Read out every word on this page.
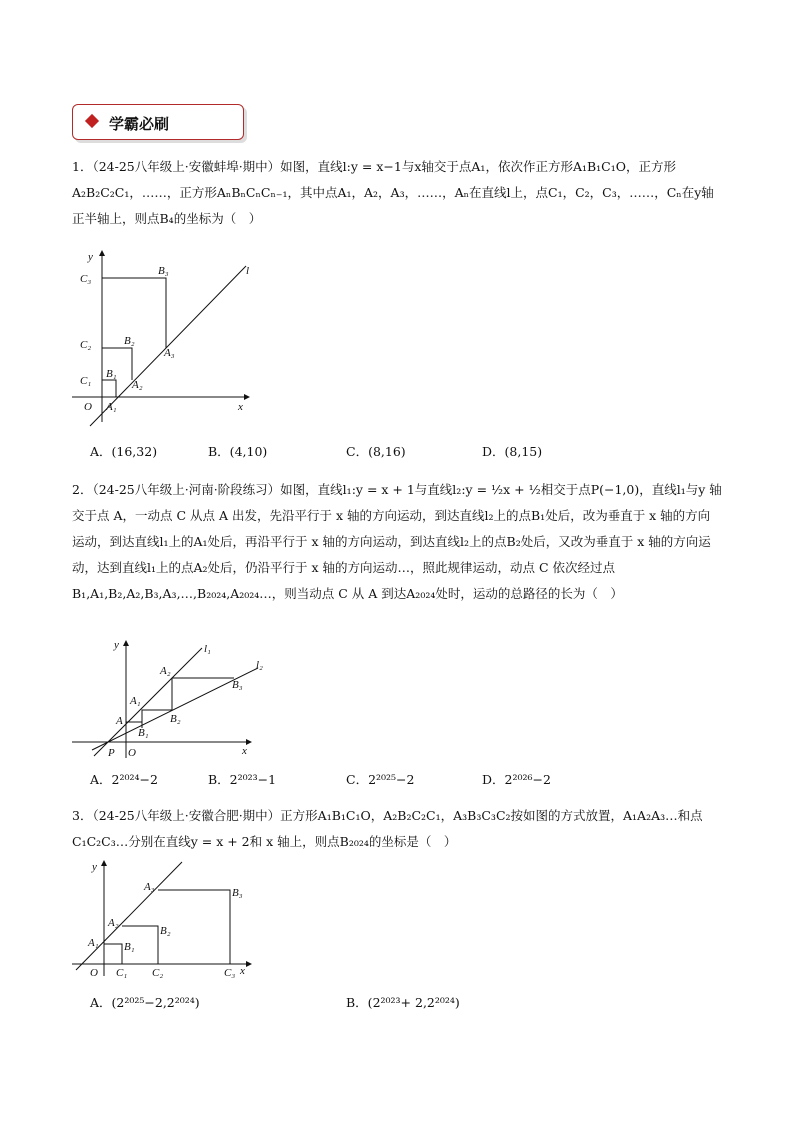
学霸必刷
1．（24-25八年级上·安徽蚌埠·期中）如图，直线l:y = x−1与x轴交于点A₁，依次作正方形A₁B₁C₁O，正方形A₂B₂C₂C₁，……，正方形AₙBₙCₙCₙ₋₁，其中点A₁，A₂，A₃，……，Aₙ在直线l上，点C₁，C₂，C₃，……，Cₙ在y轴正半轴上，则点B₄的坐标为（　）
y
x
O
l
C₃
C₂
C₁
B₃
B₂
B₁
A₃
A₂
A₁
A．(16,32)	B．(4,10)	C．(8,16)	D．(8,15)
2．（24-25八年级上·河南·阶段练习）如图，直线l₁:y = x + 1与直线l₂:y = ½x + ½相交于点P(−1,0)，直线l₁与y 轴交于点 A，一动点 C 从点 A 出发，先沿平行于 x 轴的方向运动，到达直线l₂上的点B₁处后，改为垂直于 x 轴的方向运动，到达直线l₁上的A₁处后，再沿平行于 x 轴的方向运动，到达直线l₂上的点B₂处后，又改为垂直于 x 轴的方向运动，达到直线l₁上的点A₂处后，仍沿平行于 x 轴的方向运动…，照此规律运动，动点 C 依次经过点B₁,A₁,B₂,A₂,B₃,A₃,…,B₂₀₂₄,A₂₀₂₄…，则当动点 C 从 A 到达A₂₀₂₄处时，运动的总路径的长为（　）
y
x
O
P
l₁
l₂
A
A₁
A₂
B₁
B₂
B₃
A．2²⁰²⁴−2	B．2²⁰²³−1	C．2²⁰²⁵−2	D．2²⁰²⁶−2
3．（24-25八年级上·安徽合肥·期中）正方形A₁B₁C₁O，A₂B₂C₂C₁，A₃B₃C₃C₂按如图的方式放置，A₁A₂A₃…和点C₁C₂C₃…分别在直线y = x + 2和 x 轴上，则点B₂₀₂₄的坐标是（　）
y
x
O
A₁
A₂
A₃
B₁
B₂
B₃
C₁ C₂	C₃
A．(2²⁰²⁵−2,2²⁰²⁴)	B．(2²⁰²³+ 2,2²⁰²⁴)
